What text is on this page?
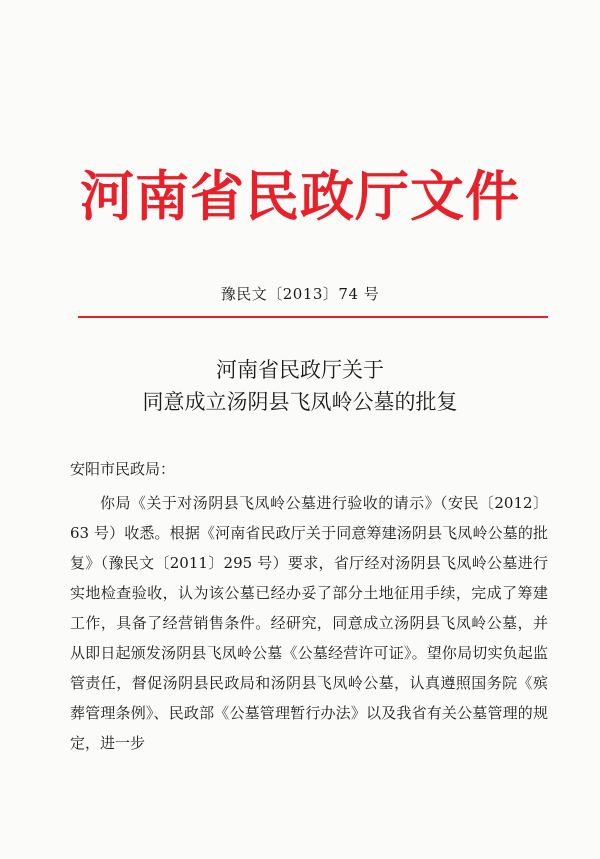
河南省民政厅文件
豫民文〔2013〕74 号
河南省民政厅关于
同意成立汤阴县飞凤岭公墓的批复
安阳市民政局：

你局《关于对汤阴县飞凤岭公墓进行验收的请示》（安民〔2012〕63 号）收悉。根据《河南省民政厅关于同意筹建汤阴县飞凤岭公墓的批复》（豫民文〔2011〕295 号）要求，省厅经对汤阴县飞凤岭公墓进行实地检查验收，认为该公墓已经办妥了部分土地征用手续，完成了筹建工作，具备了经营销售条件。经研究，同意成立汤阴县飞凤岭公墓，并从即日起颁发汤阴县飞凤岭公墓《公墓经营许可证》。望你局切实负起监管责任，督促汤阴县民政局和汤阴县飞凤岭公墓，认真遵照国务院《殡葬管理条例》、民政部《公墓管理暂行办法》以及我省有关公墓管理的规定，进一步
